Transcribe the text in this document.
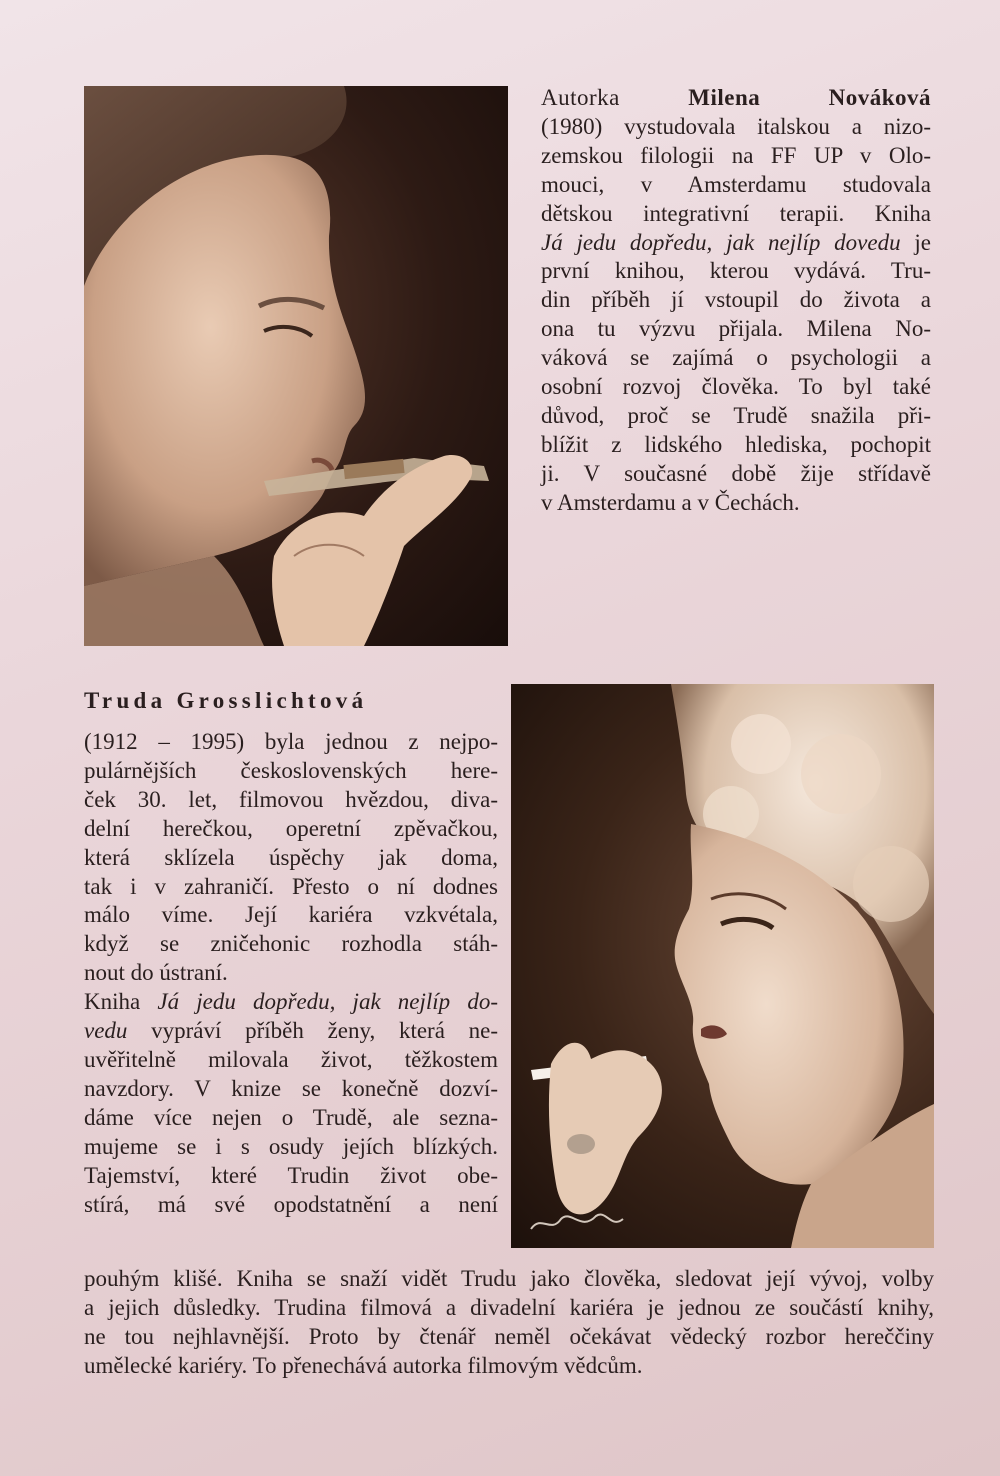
Autorka	Milena Nováková
(1980) vystudovala italskou a nizo-
zemskou filologii na FF UP v Olo-
mouci, v Amsterdamu studovala
dětskou integrativní terapii. Kniha
Já jedu dopředu, jak nejlíp dovedu je
první knihou, kterou vydává. Tru-
din příběh jí vstoupil do života a
ona tu výzvu přijala. Milena No-
váková se zajímá o psychologii a
osobní rozvoj člověka. To byl také
důvod, proč se Trudě snažila při-
blížit z lidského hlediska, pochopit
ji. V současné době žije střídavě
v Amsterdamu a v Čechách.
Truda Grosslichtová
(1912 – 1995) byla jednou z nejpo-
pulárnějších československých here-
ček 30. let, filmovou hvězdou, diva-
delní herečkou, operetní zpěvačkou,
která sklízela úspěchy jak doma,
tak i v zahraničí. Přesto o ní dodnes
málo víme. Její kariéra vzkvétala,
když se zničehonic rozhodla stáh-
nout do ústraní.
Kniha Já jedu dopředu, jak nejlíp do-
vedu vypráví příběh ženy, která ne-
uvěřitelně milovala život, těžkostem
navzdory. V knize se konečně dozví-
dáme více nejen o Trudě, ale sezna-
mujeme se i s osudy jejích blízkých.
Tajemství, které Trudin život obe-
stírá, má své opodstatnění a není
pouhým klišé. Kniha se snaží vidět Trudu jako člověka, sledovat její vývoj, volby
a jejich důsledky. Trudina filmová a divadelní kariéra je jednou ze součástí knihy,
ne tou nejhlavnější. Proto by čtenář neměl očekávat vědecký rozbor hereččiny
umělecké kariéry. To přenechává autorka filmovým vědcům.
